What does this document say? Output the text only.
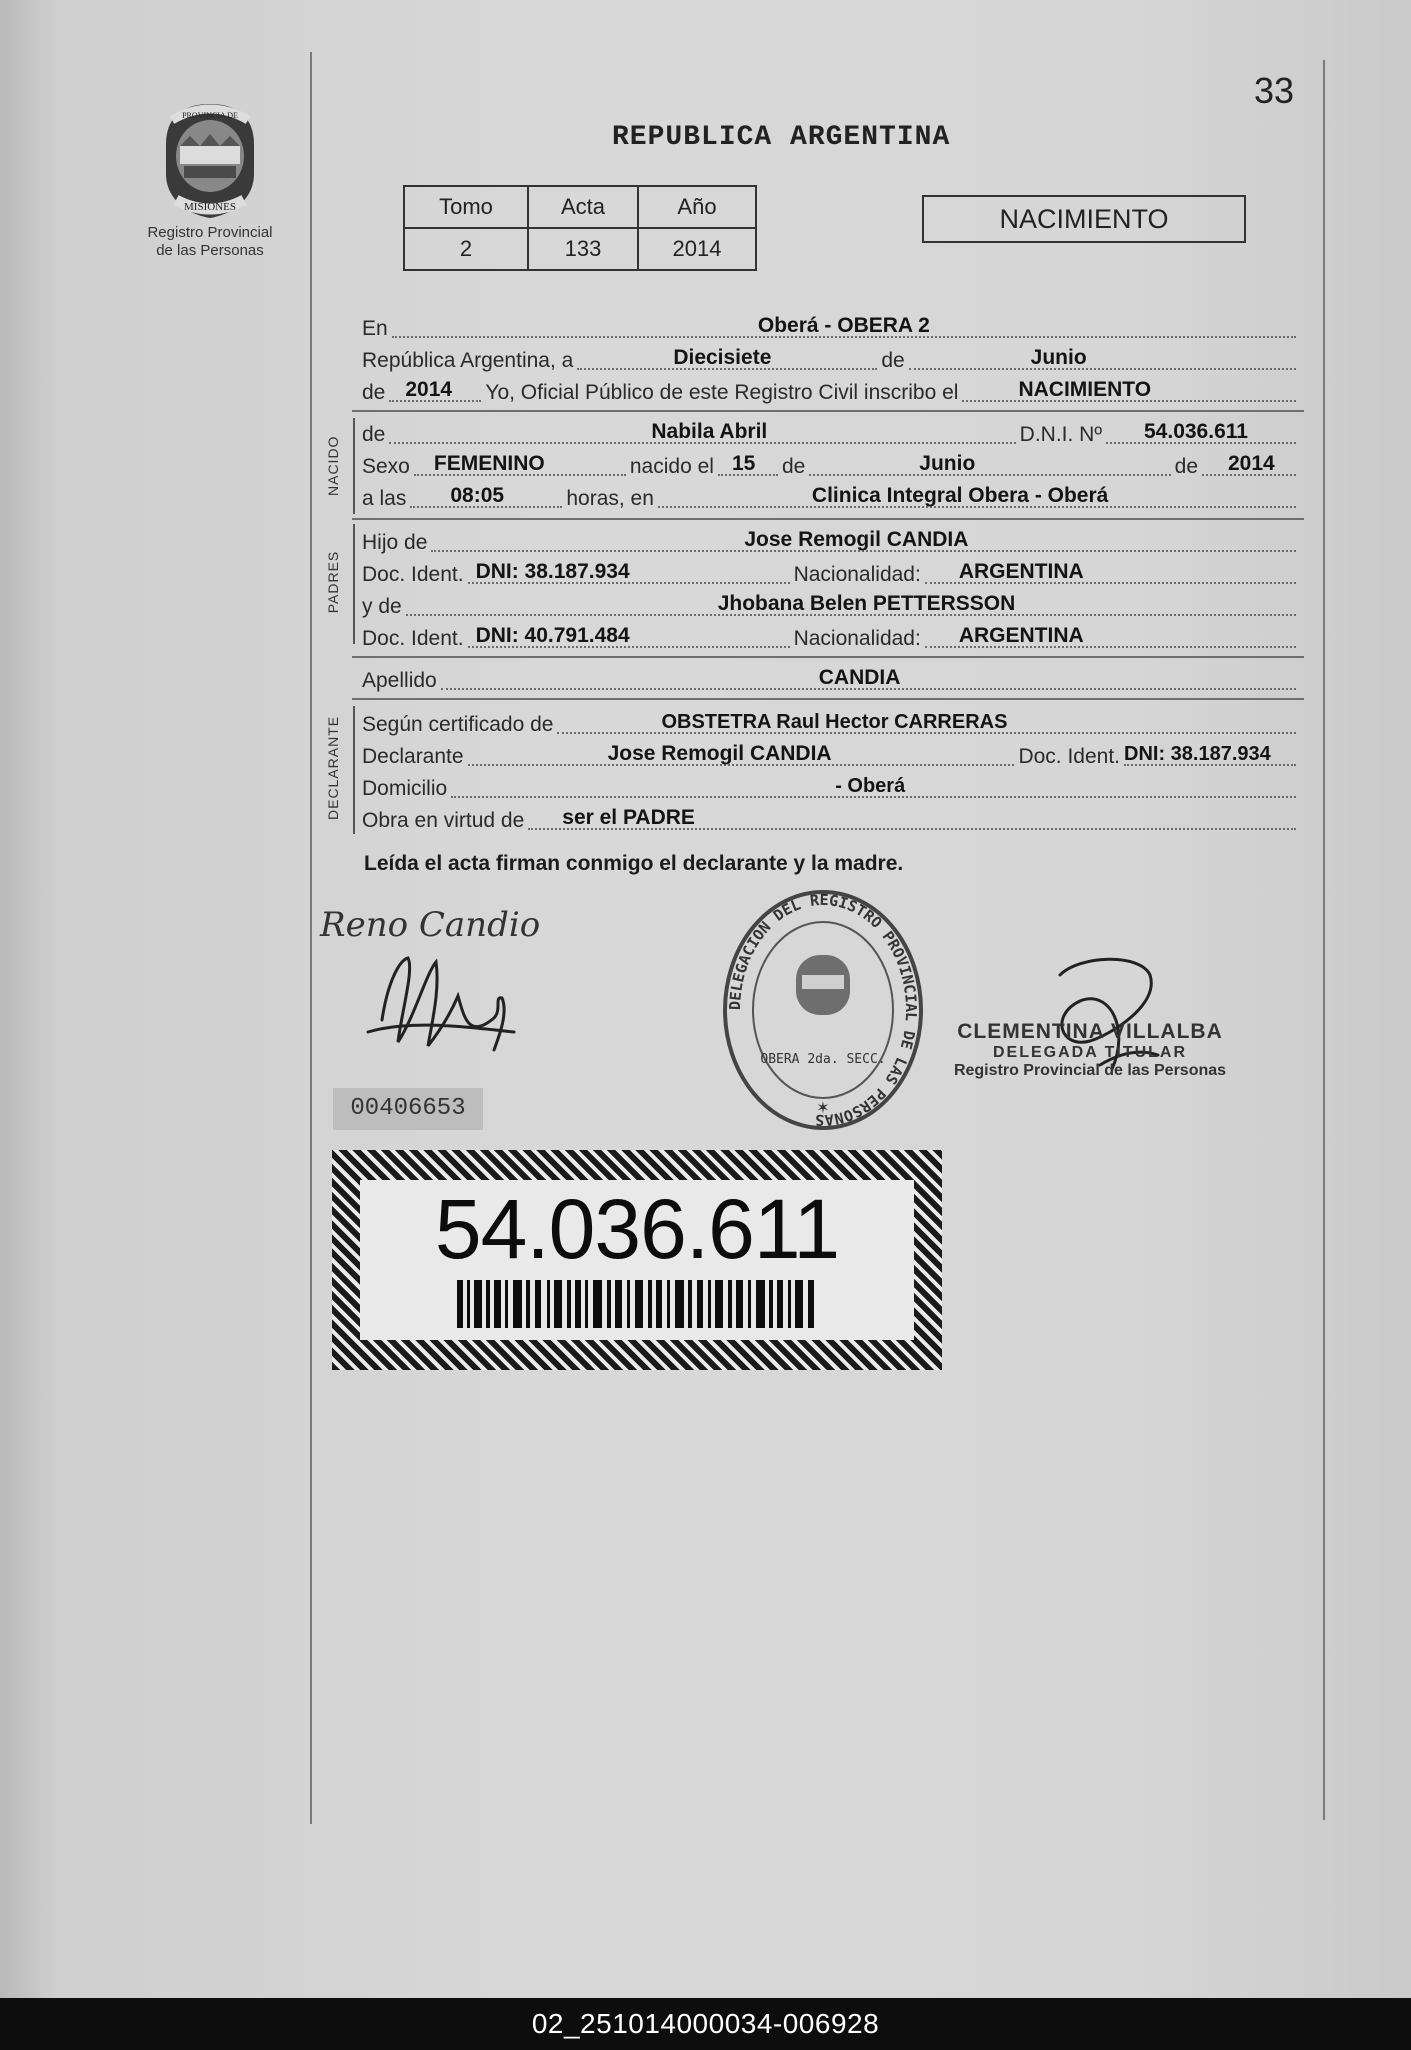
PROVINCIA DE
MISIONES
Registro Provincial
de las Personas
33
REPUBLICA ARGENTINA
Tomo	Acta	Año
2	133	2014
NACIMIENTO
En	Oberá - OBERA 2
República Argentina, a	Diecisiete	de	Junio
de 2014 Yo, Oficial Público de este Registro Civil inscribo el	NACIMIENTO
NACIDO
de	Nabila Abril	D.N.I. Nº 54.036.611
Sexo FEMENINO	nacido el 15 de	Junio	de 2014
a las 08:05	horas, en	Clinica Integral Obera - Oberá
PADRES
Hijo de	Jose Remogil CANDIA
Doc. Ident. DNI: 38.187.934	Nacionalidad: ARGENTINA
y de	Jhobana Belen PETTERSSON
Doc. Ident. DNI: 40.791.484	Nacionalidad: ARGENTINA
Apellido	CANDIA
DECLARANTE Según certificado de	OBSTETRA Raul Hector CARRERAS
Declarante	Jose Remogil CANDIA	Doc. Ident. DNI: 38.187.934
Domicilio	- Oberá
Obra en virtud de ser el PADRE
Leída el acta firman conmigo el declarante y la madre.
Reno Candio
00406653
DELEGACION DEL REGISTRO PROVINCIAL DE LAS PERSONAS
OBERA 2da. SECC.
✶
CLEMENTINA VILLALBA
DELEGADA TITULAR
Registro Provincial de las Personas
54.036.611
02_251014000034-006928
